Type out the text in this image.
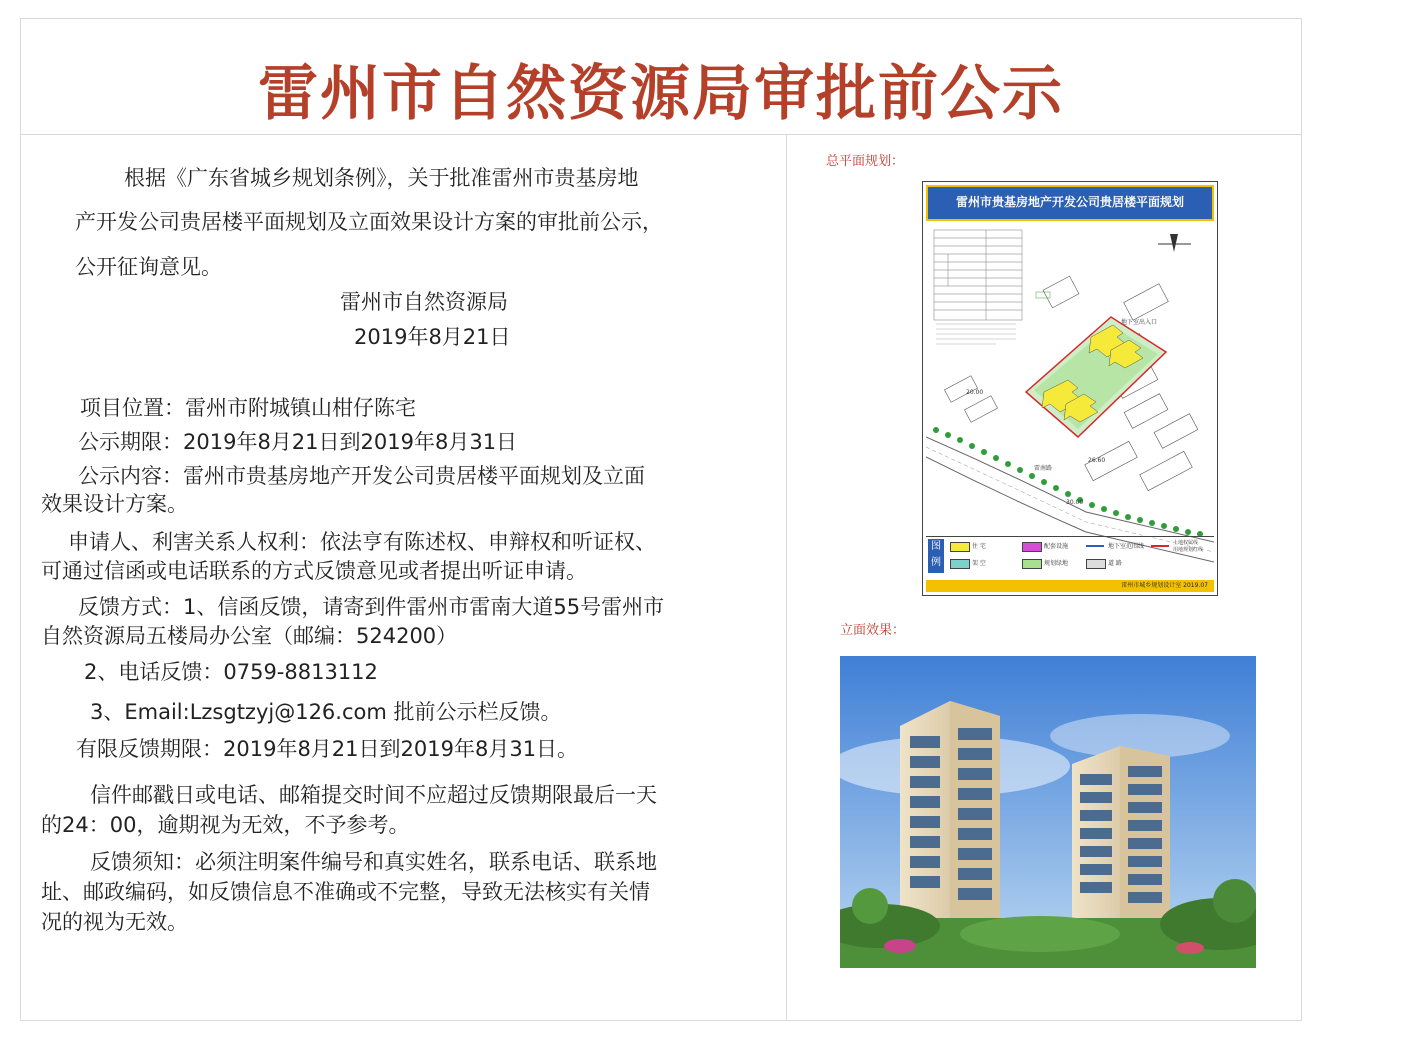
雷州市自然资源局审批前公示
根据《广东省城乡规划条例》，关于批准雷州市贵基房地
产开发公司贵居楼平面规划及立面效果设计方案的审批前公示，
公开征询意见。
雷州市自然资源局
2019年8月21日
项目位置：雷州市附城镇山柑仔陈宅
公示期限：2019年8月21日到2019年8月31日
公示内容：雷州市贵基房地产开发公司贵居楼平面规划及立面
效果设计方案。
申请人、利害关系人权利：依法亨有陈述权、申辩权和听证权、
可通过信函或电话联系的方式反馈意见或者提出听证申请。
反馈方式：1、信函反馈，请寄到件雷州市雷南大道55号雷州市
自然资源局五楼局办公室（邮编：524200）
2、电话反馈：0759-8813112
3、Email:Lzsgtzyj@126.com 批前公示栏反馈。
有限反馈期限：2019年8月21日到2019年8月31日。
信件邮戳日或电话、邮箱提交时间不应超过反馈期限最后一天
的24：00，逾期视为无效，不予参考。
反馈须知：必须注明案件编号和真实姓名，联系电话、联系地
址、邮政编码，如反馈信息不准确或不完整，导致无法核实有关情
况的视为无效。
总平面规划：
雷州市贵基房地产开发公司贵居楼平面规划
地下室出入口
雷南路
20.00
26.60
30.00
图例
住 宅	配套设施	地下室范围线	土地权属线
用地规划红线
架 空	规划绿地	道 路
雷州市城乡规划设计室 2019.07
立面效果：
